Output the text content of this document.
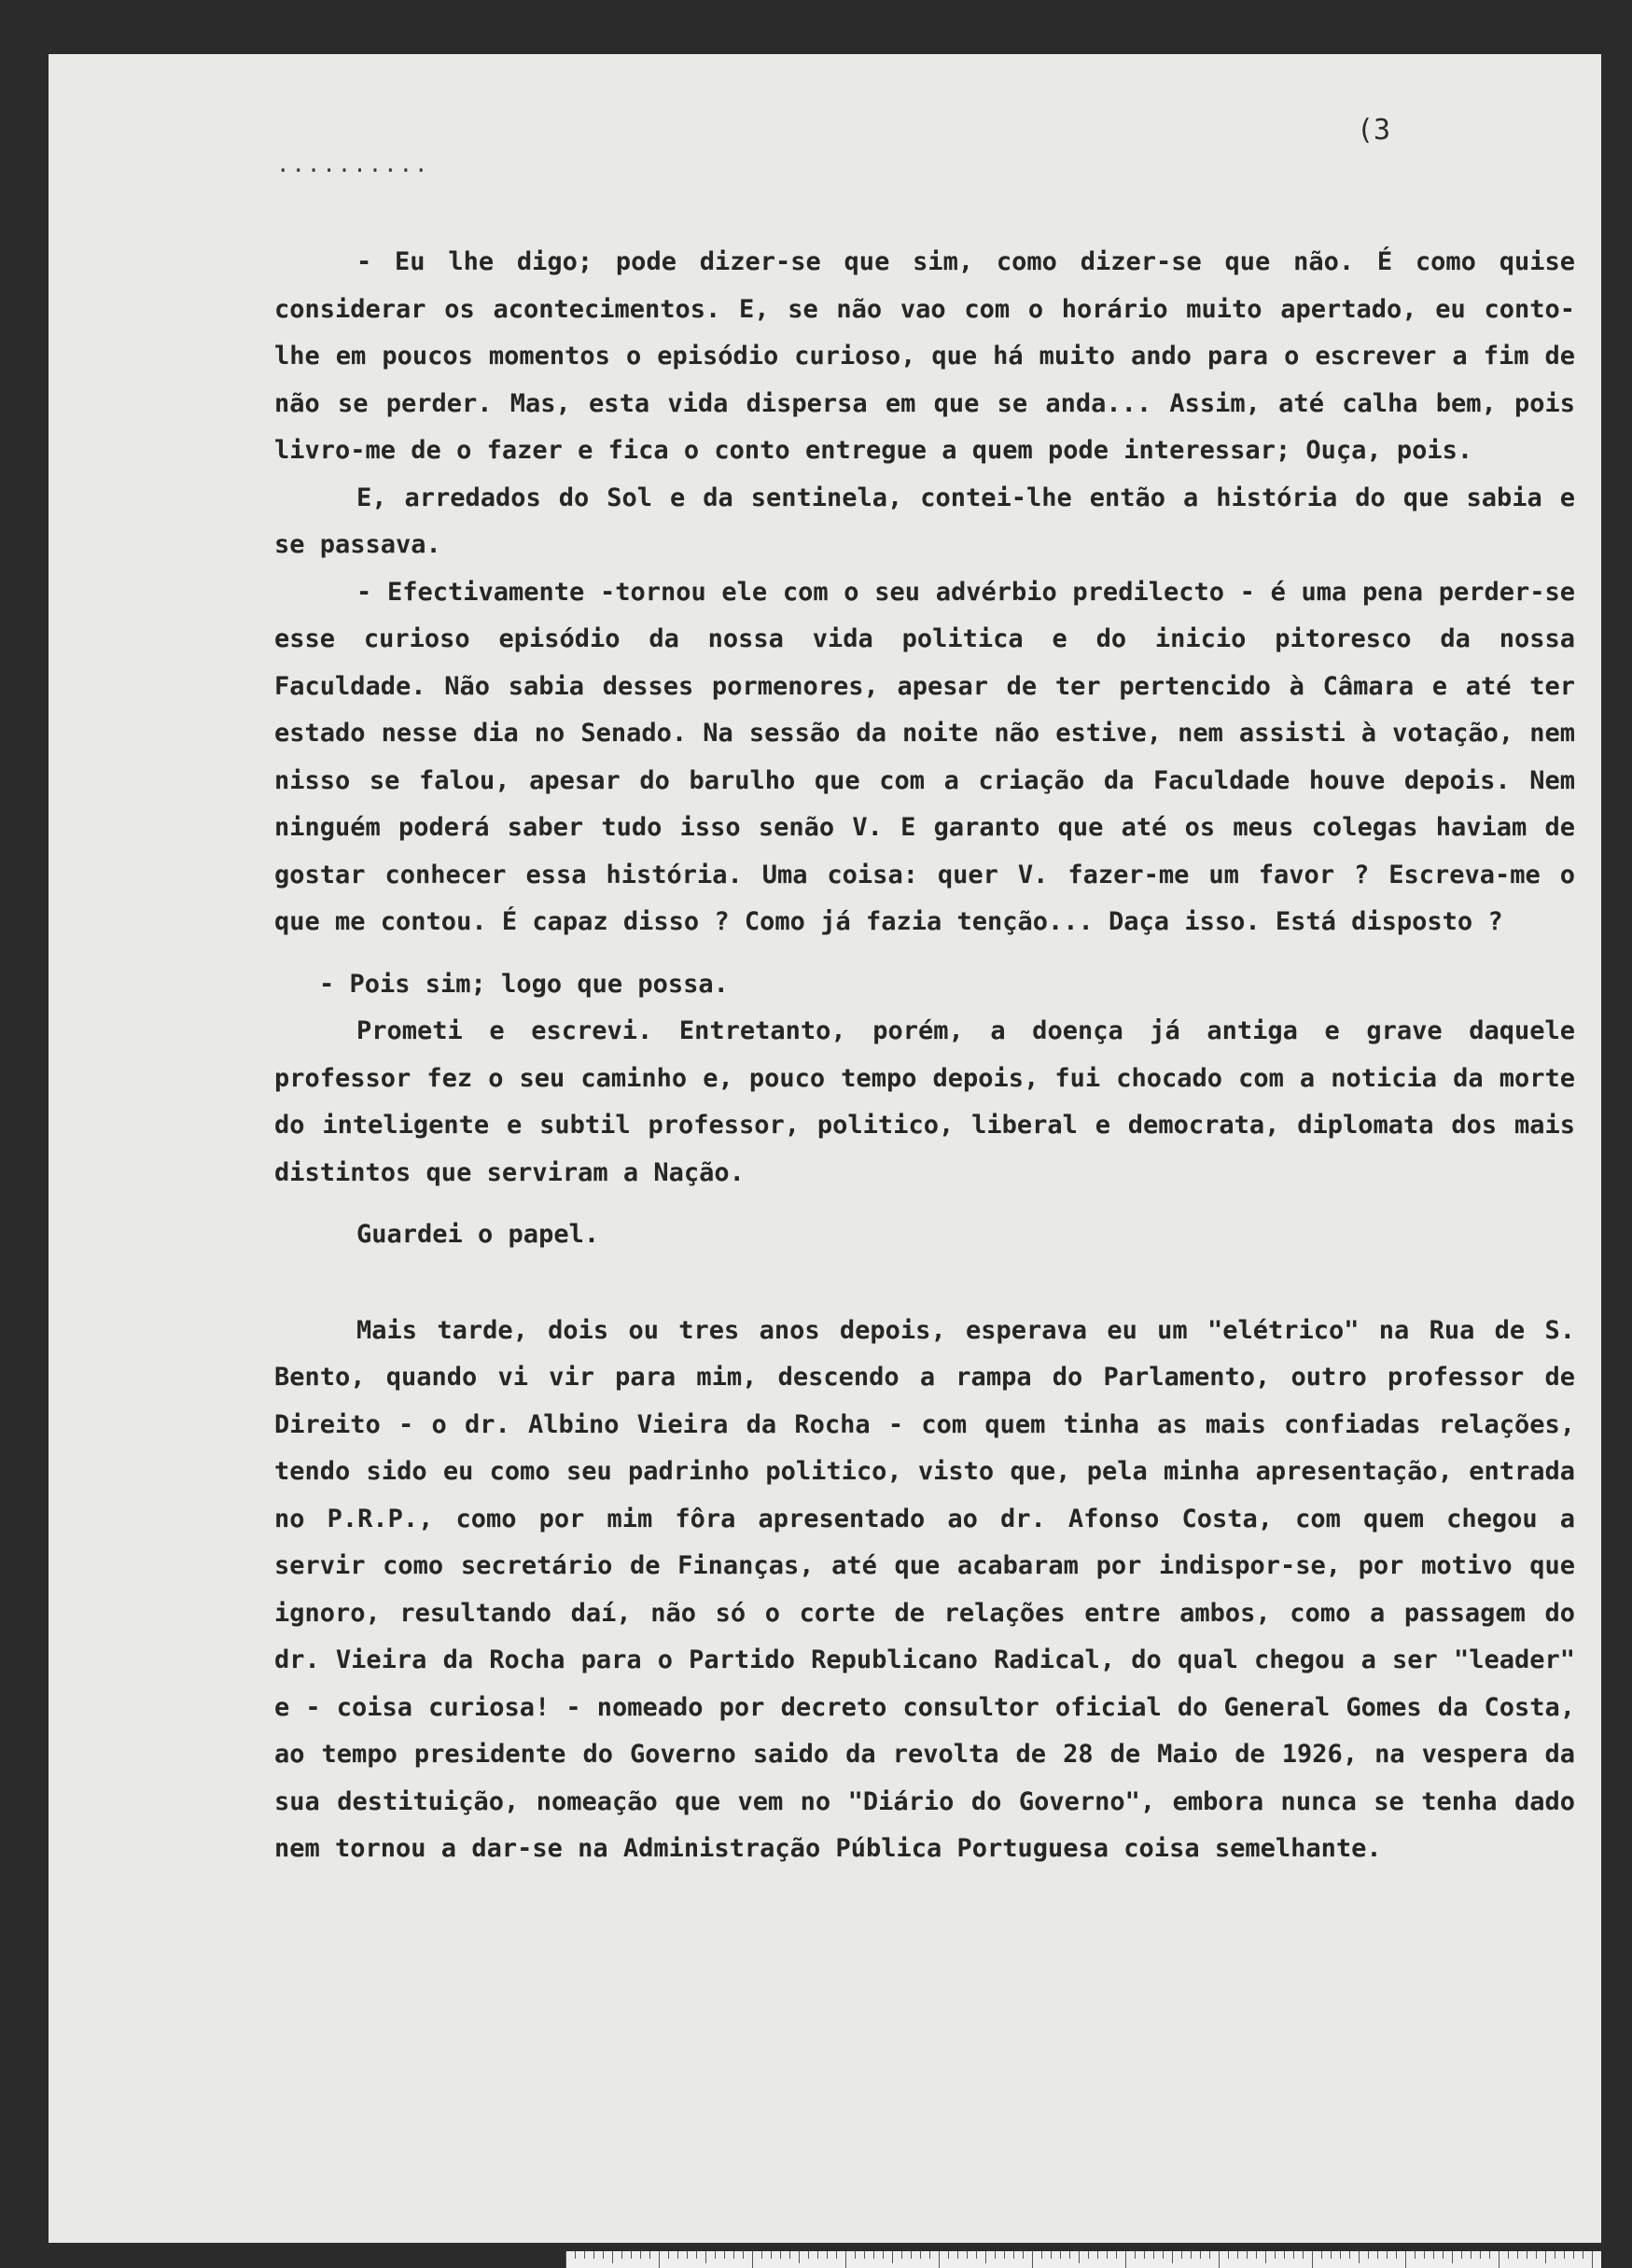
(3
..........

- Eu lhe digo; pode dizer-se que sim, como dizer-se que não. É como quise considerar os acontecimentos. E, se não vao com o horário muito apertado, eu conto-lhe em poucos momentos o episódio curioso, que há muito ando para o escrever a fim de não se perder. Mas, esta vida dispersa em que se anda... Assim, até calha bem, pois livro-me de o fazer e fica o conto entregue a quem pode interessar; Ouça, pois.

E, arredados do Sol e da sentinela, contei-lhe então a história do que sabia e se passava.

- Efectivamente -tornou ele com o seu advérbio predilecto - é uma pena perder-se esse curioso episódio da nossa vida politica e do inicio pitoresco da nossa Faculdade. Não sabia desses pormenores, apesar de ter pertencido à Câmara e até ter estado nesse dia no Senado. Na sessão da noite não estive, nem assisti à votação, nem nisso se falou, apesar do barulho que com a criação da Faculdade houve depois. Nem ninguém poderá saber tudo isso senão V. E garanto que até os meus colegas haviam de gostar conhecer essa história. Uma coisa: quer V. fazer-me um favor ? Escreva-me o que me contou. É capaz disso ? Como já fazia tenção... Daça isso. Está disposto ?

- Pois sim; logo que possa.

Prometi e escrevi. Entretanto, porém, a doença já antiga e grave daquele professor fez o seu caminho e, pouco tempo depois, fui chocado com a noticia da morte do inteligente e subtil professor, politico, liberal e democrata, diplomata dos mais distintos que serviram a Nação.

Guardei o papel.

Mais tarde, dois ou tres anos depois, esperava eu um "elétrico" na Rua de S. Bento, quando vi vir para mim, descendo a rampa do Parlamento, outro professor de Direito - o dr. Albino Vieira da Rocha - com quem tinha as mais confiadas relações, tendo sido eu como seu padrinho politico, visto que, pela minha apresentação, entrada no P.R.P., como por mim fôra apresentado ao dr. Afonso Costa, com quem chegou a servir como secretário de Finanças, até que acabaram por indispor-se, por motivo que ignoro, resultando daí, não só o corte de relações entre ambos, como a passagem do dr. Vieira da Rocha para o Partido Republicano Radical, do qual chegou a ser "leader" e - coisa curiosa! - nomeado por decreto consultor oficial do General Gomes da Costa, ao tempo presidente do Governo saido da revolta de 28 de Maio de 1926, na vespera da sua destituição, nomeação que vem no "Diário do Governo", embora nunca se tenha dado nem tornou a dar-se na Administração Pública Portuguesa coisa semelhante.
